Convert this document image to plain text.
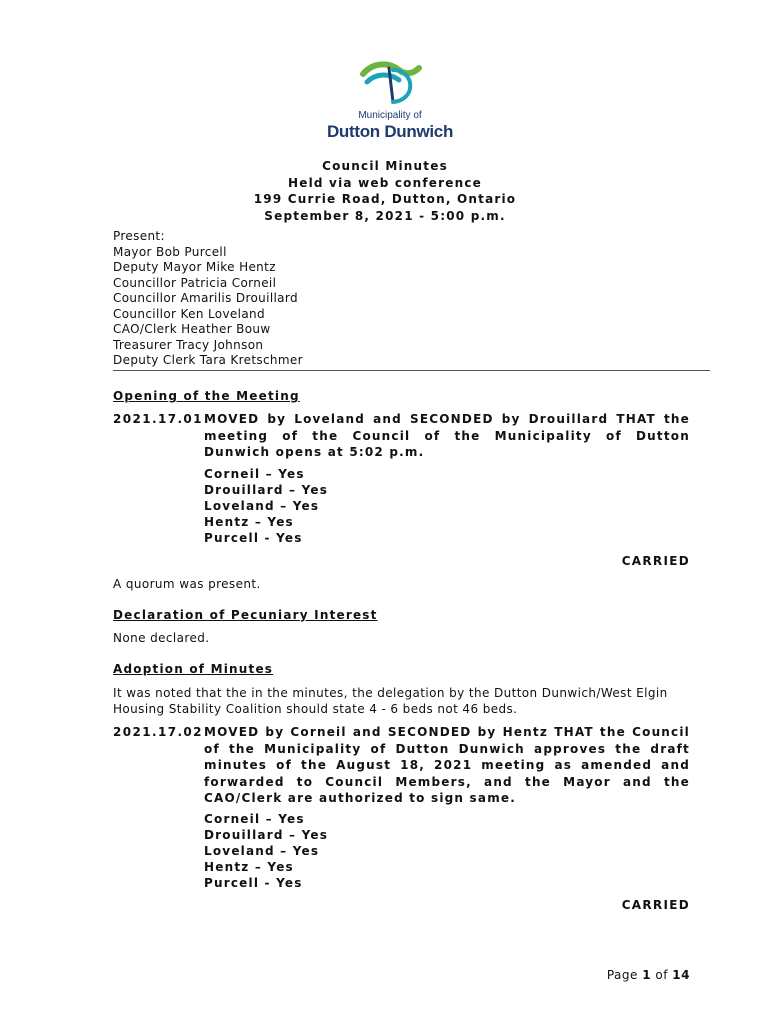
Municipality of
Dutton Dunwich
Council Minutes
Held via web conference
199 Currie Road, Dutton, Ontario
September 8, 2021 - 5:00 p.m.
Present:
Mayor Bob Purcell
Deputy Mayor Mike Hentz
Councillor Patricia Corneil
Councillor Amarilis Drouillard
Councillor Ken Loveland
CAO/Clerk Heather Bouw
Treasurer Tracy Johnson
Deputy Clerk Tara Kretschmer
Opening of the Meeting
2021.17.01 MOVED by Loveland and SECONDED by Drouillard THAT the meeting of the Council of the Municipality of Dutton Dunwich opens at 5:02 p.m.
Corneil – Yes
Drouillard – Yes
Loveland – Yes
Hentz – Yes
Purcell - Yes
CARRIED
A quorum was present.
Declaration of Pecuniary Interest
None declared.
Adoption of Minutes
It was noted that the in the minutes, the delegation by the Dutton Dunwich/West Elgin Housing Stability Coalition should state 4 - 6 beds not 46 beds.
2021.17.02 MOVED by Corneil and SECONDED by Hentz THAT the Council of the Municipality of Dutton Dunwich approves the draft minutes of the August 18, 2021 meeting as amended and forwarded to Council Members, and the Mayor and the CAO/Clerk are authorized to sign same.
Corneil – Yes
Drouillard – Yes
Loveland – Yes
Hentz – Yes
Purcell - Yes
CARRIED
Page 1 of 14
